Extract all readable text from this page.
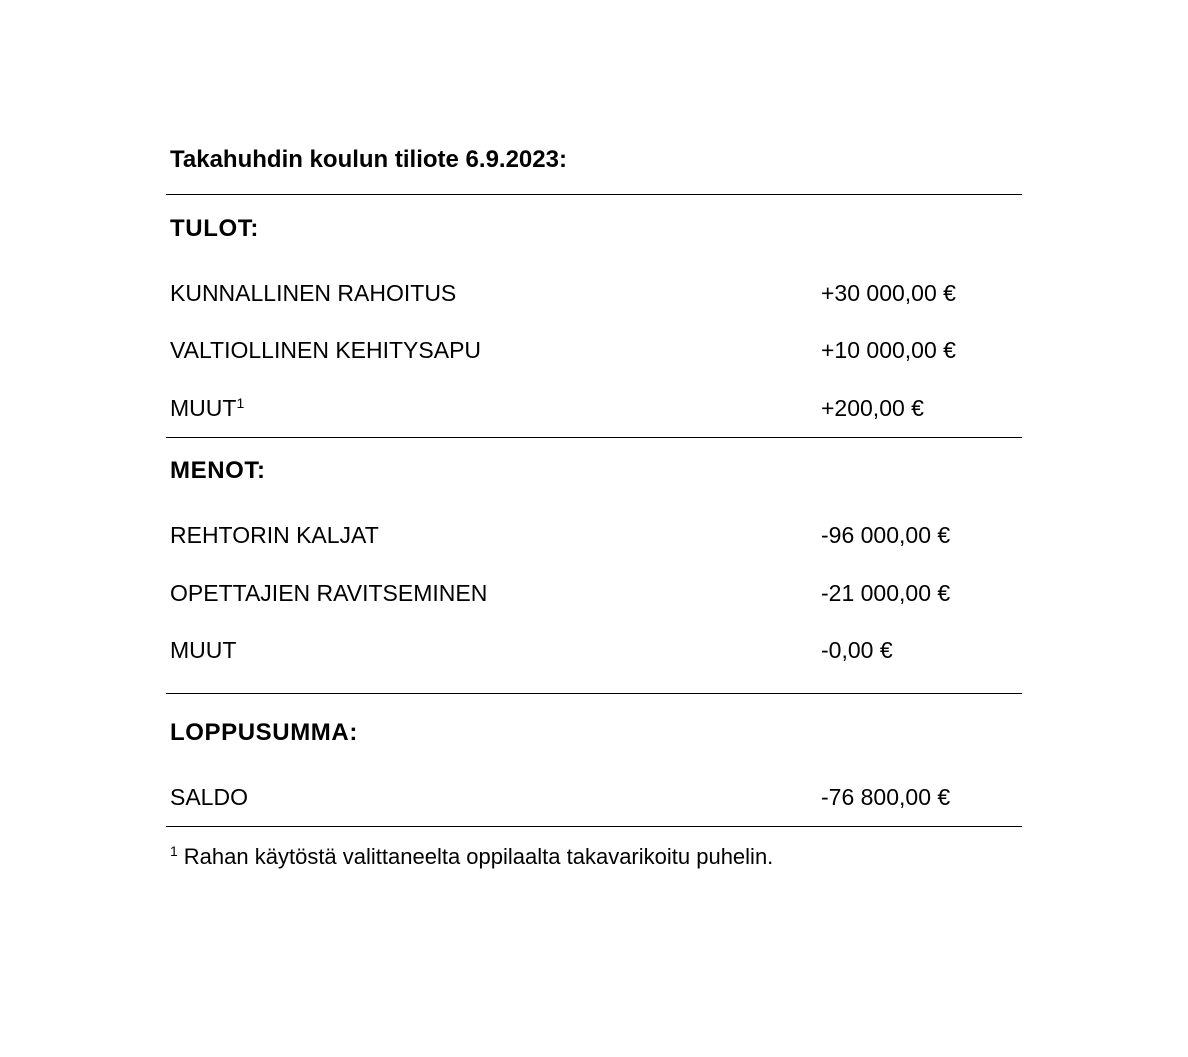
Takahuhdin koulun tiliote 6.9.2023:
TULOT:
KUNNALLINEN RAHOITUS	+30 000,00 €
VALTIOLLINEN KEHITYSAPU	+10 000,00 €
$MUUT^1$	+200,00 €
MENOT:
REHTORIN KALJAT	-96 000,00 €
OPETTAJIEN RAVITSEMINEN	-21 000,00 €
MUUT	-0,00 €
LOPPUSUMMA:
SALDO	-76 800,00 €
$^1$ Rahan käytöstä valittaneelta oppilaalta takavarikoitu puhelin.
